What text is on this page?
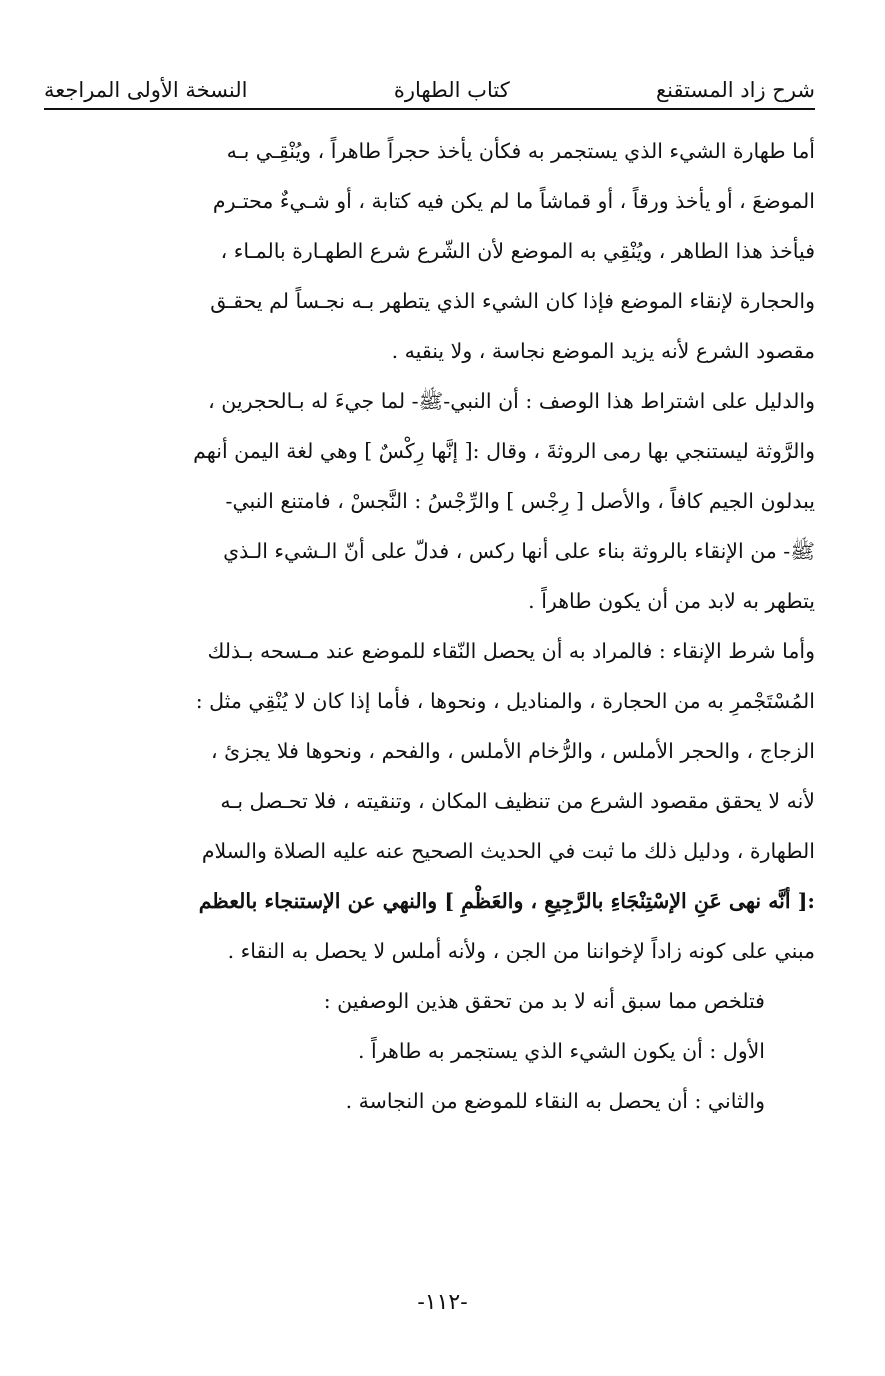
شرح زاد المستقنع
كتاب الطهارة
النسخة الأولى المراجعة
أما طهارة الشيء الذي يستجمر به فكأن يأخذ حجراً طاهراً ، ويُنْقِـي بـه
الموضعَ ، أو يأخذ ورقاً ، أو قماشاً ما لم يكن فيه كتابة ، أو شـيءٌ محتـرم
فيأخذ هذا الطاهر ، ويُنْقِي به الموضع لأن الشّرع شرع الطهـارة بالمـاء ،
والحجارة لإنقاء الموضع فإذا كان الشيء الذي يتطهر بـه نجـساً لم يحقـق
مقصود الشرع لأنه يزيد الموضع نجاسة ، ولا ينقيه .
والدليل على اشتراط هذا الوصف : أن النبي-ﷺ- لما جيءَ له بـالحجرين ،
والرَّوثة ليستنجي بها رمى الروثةَ ، وقال :[ إنَّها رِكْسٌ ] وهي لغة اليمن أنهم
يبدلون الجيم كافاً ، والأصل [ رِجْس ] والرِّجْسُ : النَّجسْ ، فامتنع النبي-
ﷺ- من الإنقاء بالروثة بناء على أنها ركس ، فدلّ على أنّ الـشيء الـذي
يتطهر به لابد من أن يكون طاهراً .
وأما شرط الإنقاء : فالمراد به أن يحصل النّقاء للموضع عند مـسحه بـذلك
المُسْتَجْمرِ به من الحجارة ، والمناديل ، ونحوها ، فأما إذا كان لا يُنْقِي مثل :
الزجاج ، والحجر الأملس ، والرُّخام الأملس ، والفحم ، ونحوها فلا يجزئ ،
لأنه لا يحقق مقصود الشرع من تنظيف المكان ، وتنقيته ، فلا تحـصل بـه
الطهارة ، ودليل ذلك ما ثبت في الحديث الصحيح عنه عليه الصلاة والسلام
:[ أنَّه نهى عَنِ الإسْتِنْجَاءِ بالرَّجِيعِ ، والعَظْمِ ] والنهي عن الإستنجاء بالعظم
مبني على كونه زاداً لإخواننا من الجن ، ولأنه أملس لا يحصل به النقاء .
فتلخص مما سبق أنه لا بد من تحقق هذين الوصفين :
الأول : أن يكون الشيء الذي يستجمر به طاهراً .
والثاني : أن يحصل به النقاء للموضع من النجاسة .
-١١٢-
